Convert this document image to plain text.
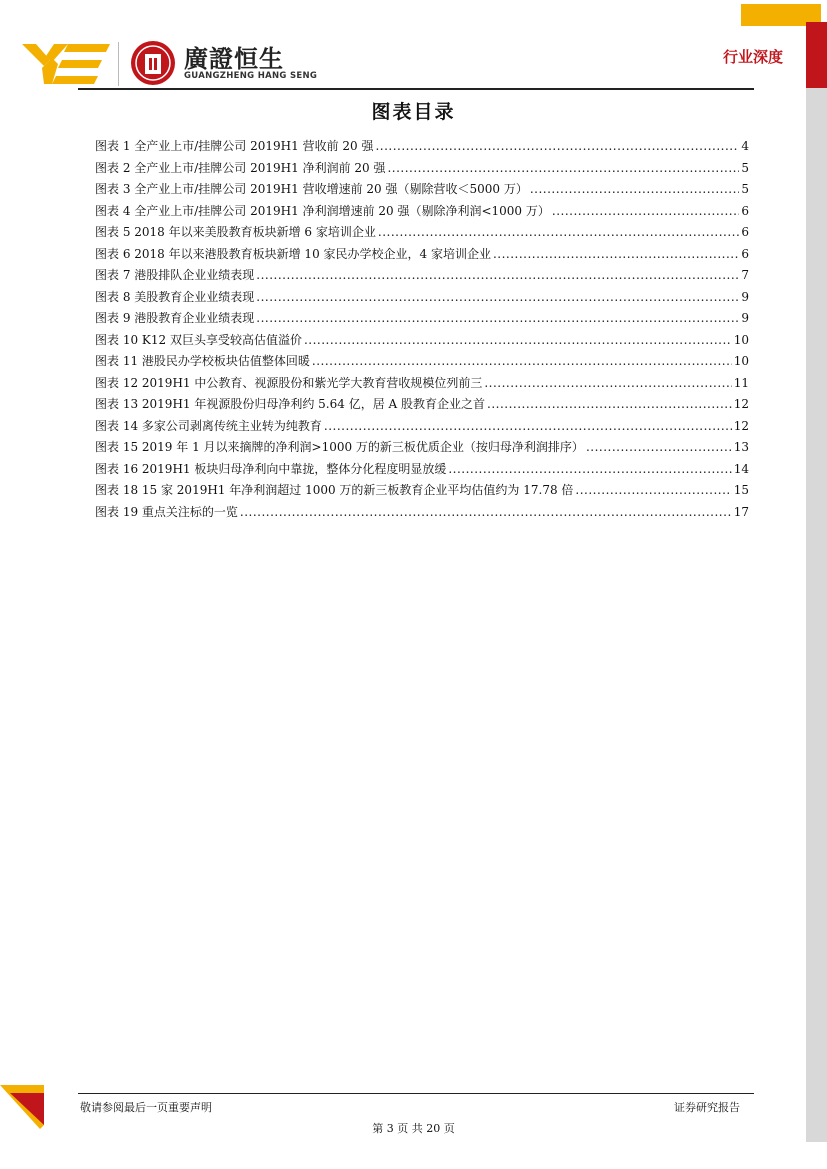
行业深度
廣證恒生
GUANGZHENG HANG SENG
图表目录
图表 1 全产业上市/挂牌公司 2019H1 营收前 20 强 .....	4
图表 2 全产业上市/挂牌公司 2019H1 净利润前 20 强 .....	5
图表 3 全产业上市/挂牌公司 2019H1 营收增速前 20 强（剔除营收＜5000 万） .....	5
图表 4 全产业上市/挂牌公司 2019H1 净利润增速前 20 强（剔除净利润<1000 万） .....	6
图表 5 2018 年以来美股教育板块新增 6 家培训企业 .....	6
图表 6 2018 年以来港股教育板块新增 10 家民办学校企业，4 家培训企业 .....	6
图表 7 港股排队企业业绩表现 .....	7
图表 8 美股教育企业业绩表现 .....	9
图表 9 港股教育企业业绩表现 .....	9
图表 10 K12 双巨头享受较高估值溢价 .....	10
图表 11 港股民办学校板块估值整体回暖 .....	10
图表 12 2019H1 中公教育、视源股份和紫光学大教育营收规模位列前三 .....	11
图表 13 2019H1 年视源股份归母净利约 5.64 亿，居 A 股教育企业之首 .....	12
图表 14 多家公司剥离传统主业转为纯教育 .....	12
图表 15 2019 年 1 月以来摘牌的净利润>1000 万的新三板优质企业（按归母净利润排序） .....	13
图表 16 2019H1 板块归母净利向中靠拢，整体分化程度明显放缓 .....	14
图表 18 15 家 2019H1 年净利润超过 1000 万的新三板教育企业平均估值约为 17.78 倍 .....	15
图表 19 重点关注标的一览 .....	17
敬请参阅最后一页重要声明	证券研究报告
第 3 页 共 20 页
